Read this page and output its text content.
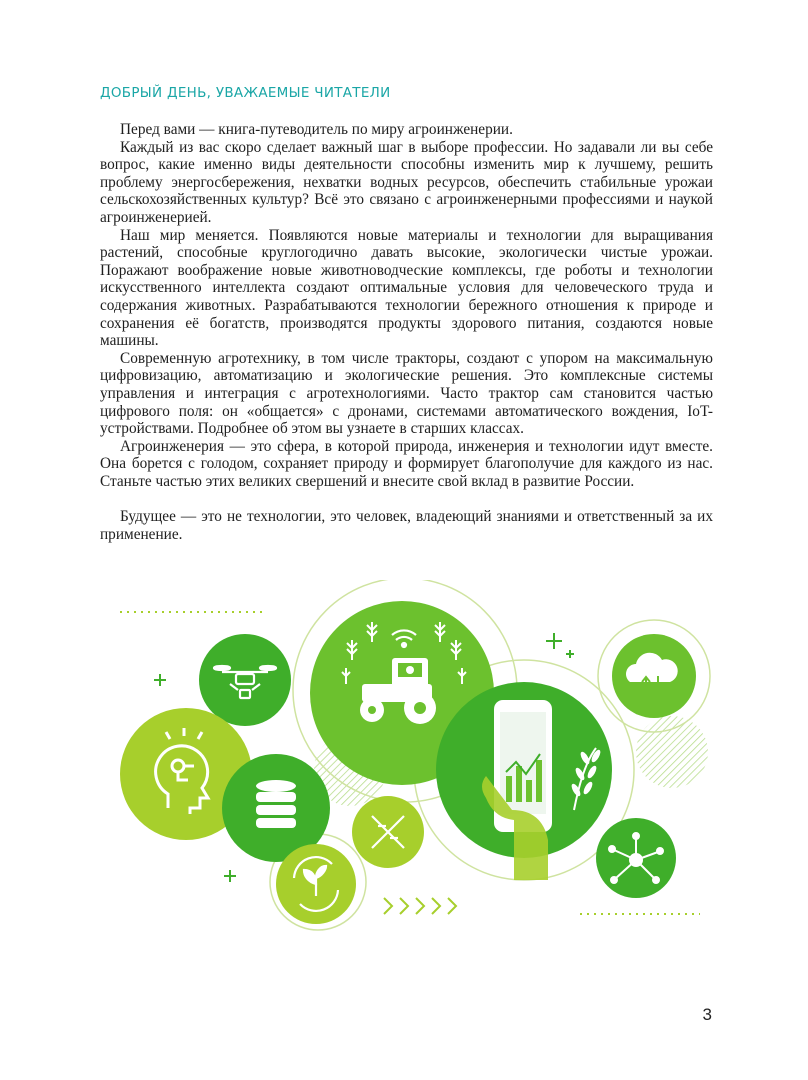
ДОБРЫЙ ДЕНЬ, УВАЖАЕМЫЕ ЧИТАТЕЛИ

Перед вами — книга-путеводитель по миру агроинженерии.

Каждый из вас скоро сделает важный шаг в выборе профессии. Но задавали ли вы себе вопрос, какие именно виды деятельности способны изменить мир к лучшему, решить проблему энергосбережения, нехватки водных ресурсов, обеспечить стабильные урожаи сельскохозяйственных культур? Всё это связано с агроинженерными профессиями и наукой агроинженерией.

Наш мир меняется. Появляются новые материалы и технологии для выращивания растений, способные круглогодично давать высокие, экологически чистые урожаи. Поражают воображение новые животноводческие комплексы, где роботы и технологии искусственного интеллекта создают оптимальные условия для человеческого труда и содержания животных. Разрабатываются технологии бережного отношения к природе и сохранения её богатств, производятся продукты здорового питания, создаются новые машины.

Современную агротехнику, в том числе тракторы, создают с упором на максимальную цифровизацию, автоматизацию и экологические решения. Это комплексные системы управления и интеграция с агротехнологиями. Часто трактор сам становится частью цифрового поля: он «общается» с дронами, системами автоматического вождения, IoT-устройствами. Подробнее об этом вы узнаете в старших классах.

Агроинженерия — это сфера, в которой природа, инженерия и технологии идут вместе. Она борется с голодом, сохраняет природу и формирует благополучие для каждого из нас. Станьте частью этих великих свершений и внесите свой вклад в развитие России.

Будущее — это не технологии, это человек, владеющий знаниями и ответственный за их применение.

3
